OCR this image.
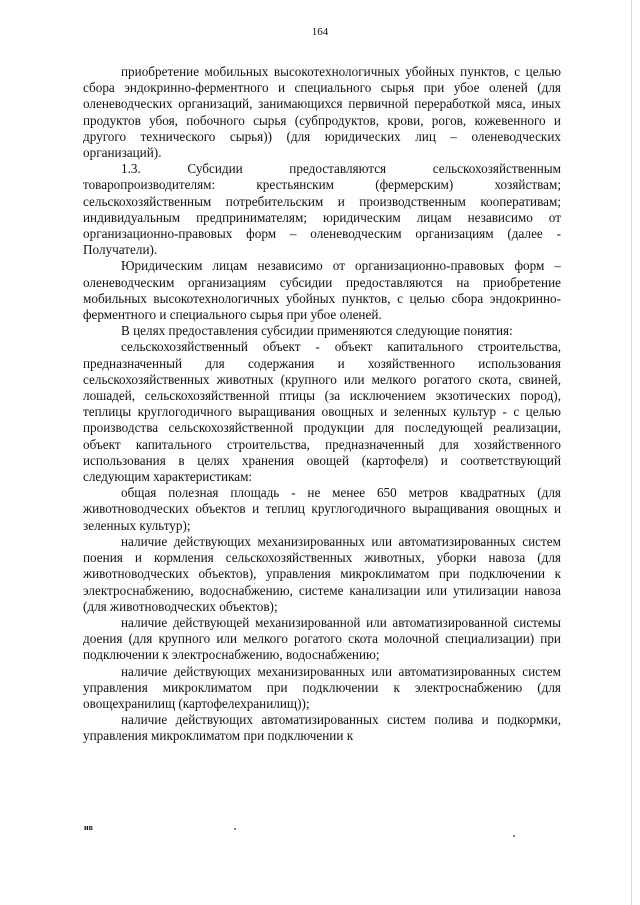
164

приобретение мобильных высокотехнологичных убойных пунктов, с целью сбора эндокринно-ферментного и специального сырья при убое оленей (для оленеводческих организаций, занимающихся первичной переработкой мяса, иных продуктов убоя, побочного сырья (субпродуктов, крови, рогов, кожевенного и другого технического сырья)) (для юридических лиц – оленеводческих организаций).

1.3. Субсидии предоставляются сельскохозяйственным товаропроизводителям: крестьянским (фермерским) хозяйствам; сельскохозяйственным потребительским и производственным кооперативам; индивидуальным предпринимателям; юридическим лицам независимо от организационно-правовых форм – оленеводческим организациям (далее - Получатели).

Юридическим лицам независимо от организационно-правовых форм – оленеводческим организациям субсидии предоставляются на приобретение мобильных высокотехнологичных убойных пунктов, с целью сбора эндокринно-ферментного и специального сырья при убое оленей.

В целях предоставления субсидии применяются следующие понятия:

сельскохозяйственный объект - объект капитального строительства, предназначенный для содержания и хозяйственного использования сельскохозяйственных животных (крупного или мелкого рогатого скота, свиней, лошадей, сельскохозяйственной птицы (за исключением экзотических пород), теплицы круглогодичного выращивания овощных и зеленных культур - с целью производства сельскохозяйственной продукции для последующей реализации, объект капитального строительства, предназначенный для хозяйственного использования в целях хранения овощей (картофеля) и соответствующий следующим характеристикам:

общая полезная площадь - не менее 650 метров квадратных (для животноводческих объектов и теплиц круглогодичного выращивания овощных и зеленных культур);

наличие действующих механизированных или автоматизированных систем поения и кормления сельскохозяйственных животных, уборки навоза (для животноводческих объектов), управления микроклиматом при подключении к электроснабжению, водоснабжению, системе канализации или утилизации навоза (для животноводческих объектов);

наличие действующей механизированной или автоматизированной системы доения (для крупного или мелкого рогатого скота молочной специализации) при подключении к электроснабжению, водоснабжению;

наличие действующих механизированных или автоматизированных систем управления микроклиматом при подключении к электроснабжению (для овощехранилищ (картофелехранилищ));

наличие действующих автоматизированных систем полива и подкормки, управления микроклиматом при подключении к

ив
